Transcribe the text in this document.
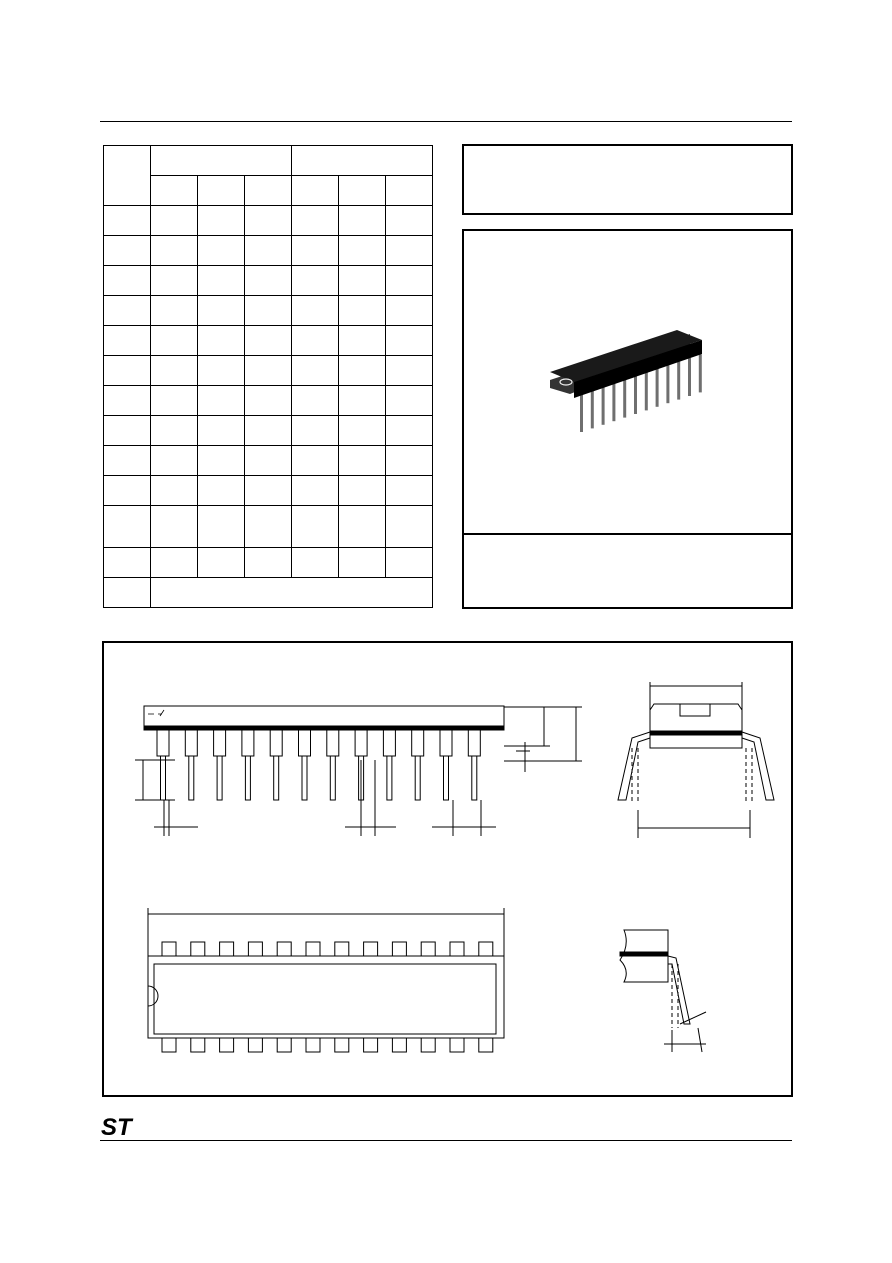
ST
